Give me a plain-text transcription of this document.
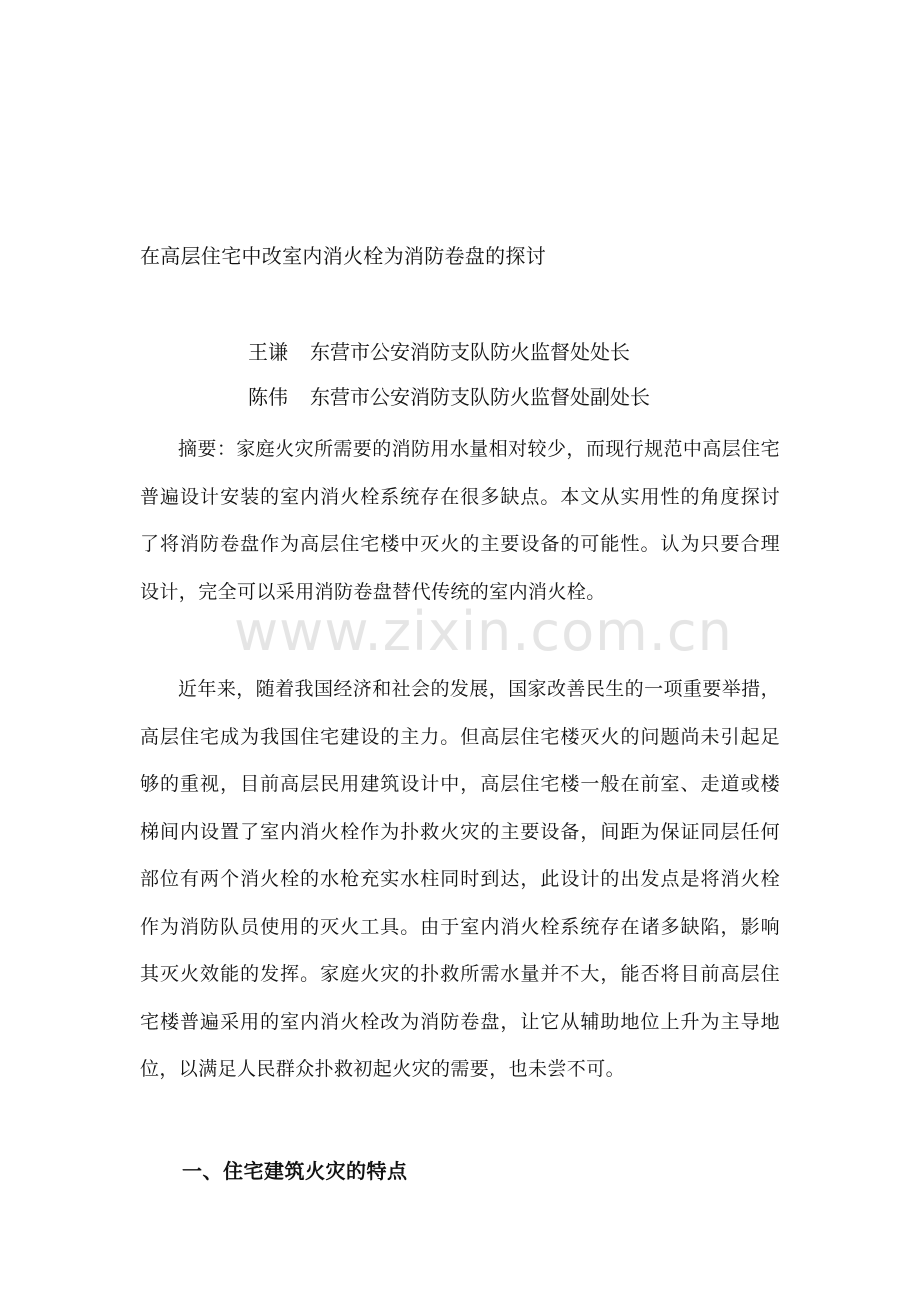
在高层住宅中改室内消火栓为消防卷盘的探讨
王谦 东营市公安消防支队防火监督处处长
陈伟 东营市公安消防支队防火监督处副处长

摘要：家庭火灾所需要的消防用水量相对较少，而现行规范中高层住宅普遍设计安装的室内消火栓系统存在很多缺点。本文从实用性的角度探讨了将消防卷盘作为高层住宅楼中灭火的主要设备的可能性。认为只要合理设计，完全可以采用消防卷盘替代传统的室内消火栓。

近年来，随着我国经济和社会的发展，国家改善民生的一项重要举措，高层住宅成为我国住宅建设的主力。但高层住宅楼灭火的问题尚未引起足够的重视，目前高层民用建筑设计中，高层住宅楼一般在前室、走道或楼梯间内设置了室内消火栓作为扑救火灾的主要设备，间距为保证同层任何部位有两个消火栓的水枪充实水柱同时到达，此设计的出发点是将消火栓作为消防队员使用的灭火工具。由于室内消火栓系统存在诸多缺陷，影响其灭火效能的发挥。家庭火灾的扑救所需水量并不大，能否将目前高层住宅楼普遍采用的室内消火栓改为消防卷盘，让它从辅助地位上升为主导地位，以满足人民群众扑救初起火灾的需要，也未尝不可。

一、住宅建筑火灾的特点
www.zixin.com.cn
